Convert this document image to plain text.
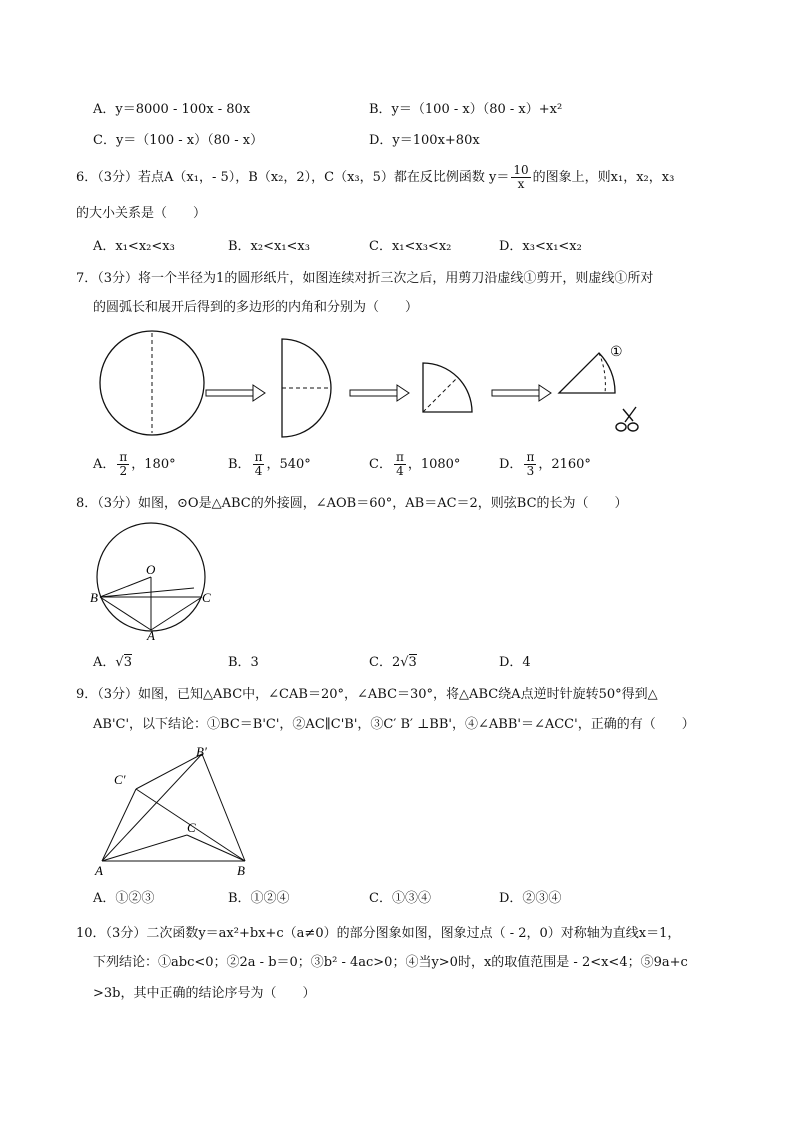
A．y＝8000 - 100x - 80x	B．y＝（100 - x）（80 - x）+x²
C．y＝（100 - x）（80 - x）	D．y＝100x+80x
6．（3分）若点A（x₁，- 5），B（x₂，2），C（x₃，5）都在反比例函数 $y= \frac{10}{x}$ 的图象上，则x₁，x₂，x₃
的大小关系是（　　）
A．x₁<x₂<x₃	B．x₂<x₁<x₃	C．x₁<x₃<x₂	D．x₃<x₁<x₂
7．（3分）将一个半径为1的圆形纸片，如图连续对折三次之后，用剪刀沿虚线①剪开，则虚线①所对
的圆弧长和展开后得到的多边形的内角和分别为（　　）
①
A． $\frac{\pi}{2}$ ，180°	B． $\frac{\pi}{4}$ ，540°	C． $\frac{\pi}{4}$ ，1080°	D． $\frac{\pi}{3}$ ，2160°
8．（3分）如图，⊙O是△ABC的外接圆，∠AOB＝60°，AB＝AC＝2，则弦BC的长为（　　）
O
B	C
A
A．√3	B．3	C．2√3	D．4
9．（3分）如图，已知△ABC中，∠CAB＝20°，∠ABC＝30°，将△ABC绕A点逆时针旋转50°得到△
AB'C'，以下结论：①BC＝B'C'，②AC∥C'B'，③C′ B′ ⊥BB'，④∠ABB'＝∠ACC'，正确的有（　　）
B′
C′
C
A	B
A．①②③	B．①②④	C．①③④	D．②③④
10．（3分）二次函数y＝ax²+bx+c（a≠0）的部分图象如图，图象过点（ - 2，0）对称轴为直线x＝1，
下列结论：①abc<0；②2a - b＝0；③b² - 4ac>0；④当y>0时，x的取值范围是 - 2<x<4；⑤9a+c
>3b，其中正确的结论序号为（　　）
